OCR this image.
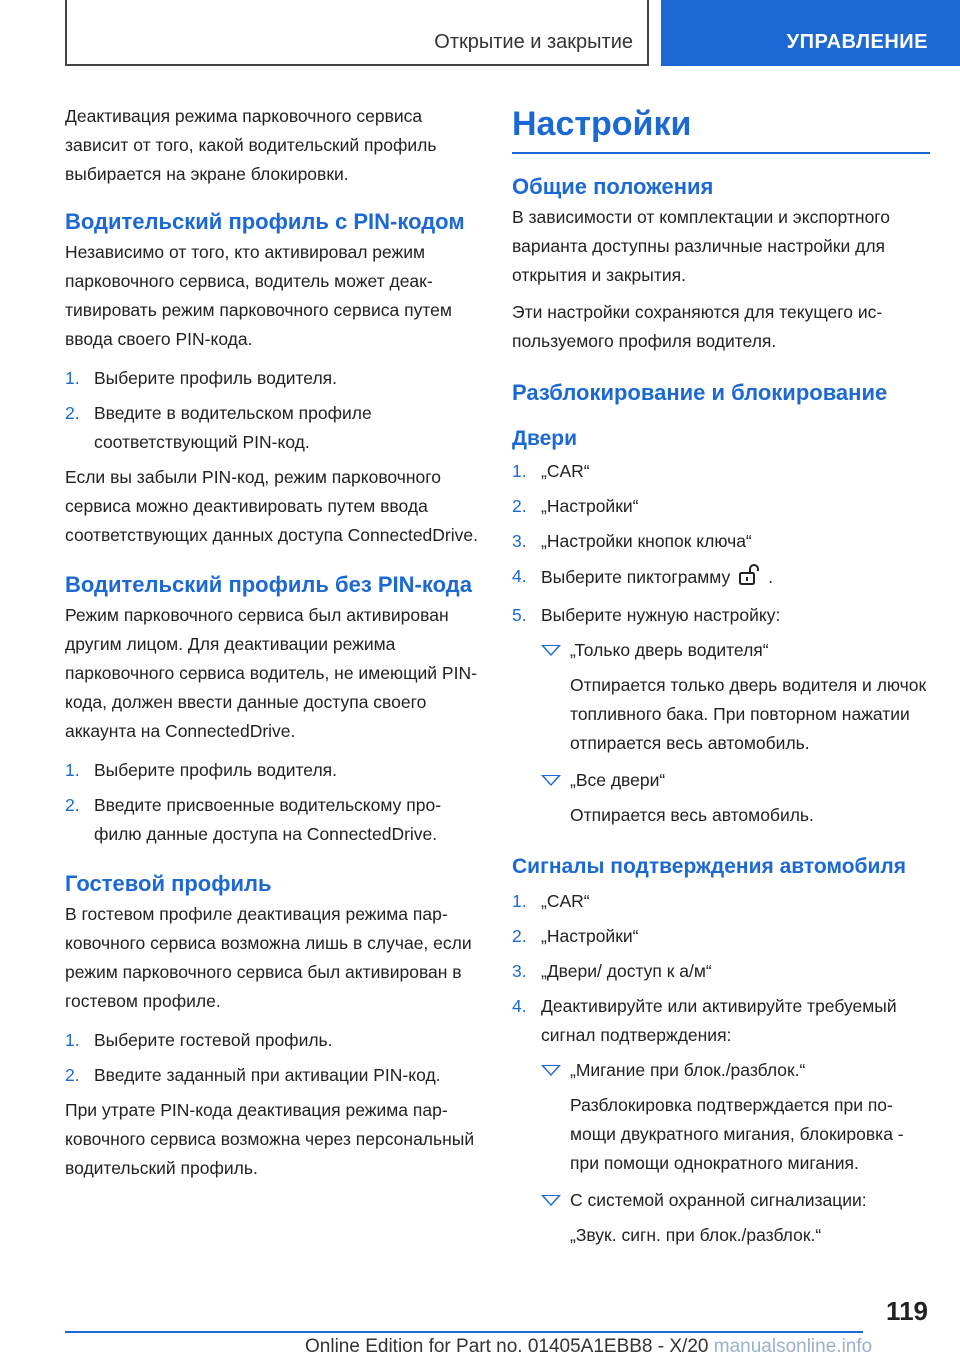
Открытие и закрытие	УПРАВЛЕНИЕ

Деактивация режима парковочного сервиса зависит от того, какой водительский профиль выбирается на экране блокировки.

Водительский профиль с PIN-кодом

Независимо от того, кто активировал режим парковочного сервиса, водитель может деактивировать режим парковочного сервиса путем ввода своего PIN-кода.

1. Выберите профиль водителя.
2. Введите в водительском профиле соответствующий PIN-код.

Если вы забыли PIN-код, режим парковочного сервиса можно деактивировать путем ввода соответствующих данных доступа ConnectedDrive.

Водительский профиль без PIN-кода

Режим парковочного сервиса был активирован другим лицом. Для деактивации режима парковочного сервиса водитель, не имеющий PIN-кода, должен ввести данные доступа своего аккаунта на ConnectedDrive.

1. Выберите профиль водителя.
2. Введите присвоенные водительскому профилю данные доступа на ConnectedDrive.
Гостевой профиль

В гостевом профиле деактивация режима парковочного сервиса возможна лишь в случае, если режим парковочного сервиса был активирован в гостевом профиле.

1. Выберите гостевой профиль.
2. Введите заданный при активации PIN-код.

При утрате PIN-кода деактивация режима парковочного сервиса возможна через персональный водительский профиль.

Настройки
Общие положения

В зависимости от комплектации и экспортного варианта доступны различные настройки для открытия и закрытия.

Эти настройки сохраняются для текущего используемого профиля водителя.

Разблокирование и блокирование
Двери
1. „CAR“
2. „Настройки“
3. „Настройки кнопок ключа“
4. Выберите пиктограмму .
5. Выберите нужную настройку:
„Только дверь водителя“
Отпирается только дверь водителя и лючок топливного бака. При повторном нажатии отпирается весь автомобиль.
„Все двери“
Отпирается весь автомобиль.
Сигналы подтверждения автомобиля
1. „CAR“
2. „Настройки“
3. „Двери/ доступ к а/м“
4. Деактивируйте или активируйте требуемый сигнал подтверждения:
„Мигание при блок./разблок.“
Разблокировка подтверждается при помощи двукратного мигания, блокировка - при помощи однократного мигания.
С системой охранной сигнализации:
„Звук. сигн. при блок./разблок.“
119
Online Edition for Part no. 01405A1EBB8 - X/20 manualsonline.info
